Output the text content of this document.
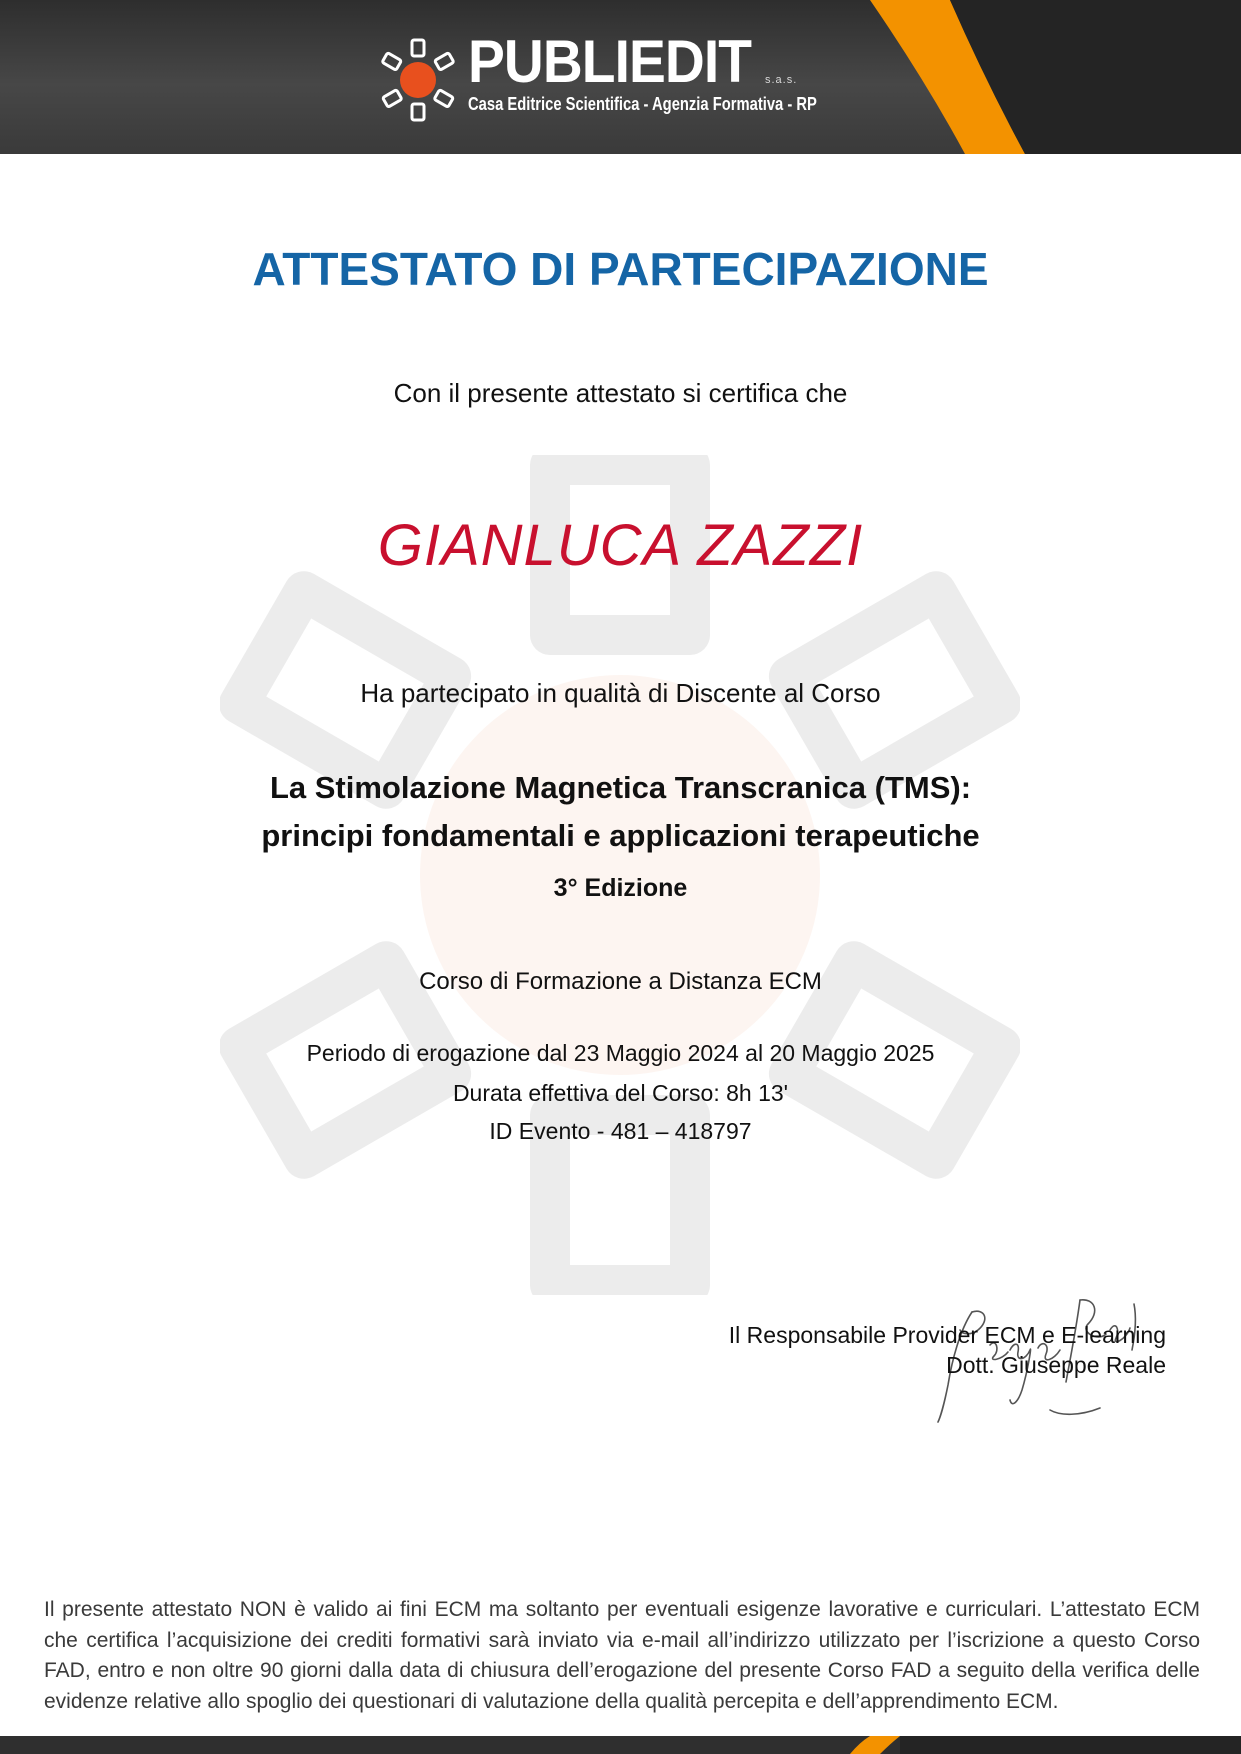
PUBLIEDIT s.a.s.
Casa Editrice Scientifica - Agenzia Formativa - RP
ATTESTATO DI PARTECIPAZIONE
Con il presente attestato si certifica che
GIANLUCA ZAZZI
Ha partecipato in qualità di Discente al Corso
La Stimolazione Magnetica Transcranica (TMS):
principi fondamentali e applicazioni terapeutiche
3° Edizione
Corso di Formazione a Distanza ECM
Periodo di erogazione dal 23 Maggio 2024 al 20 Maggio 2025
Durata effettiva del Corso: 8h 13'
ID Evento - 481 – 418797
Il Responsabile Provider ECM e E-learning
Dott. Giuseppe Reale
Il presente attestato NON è valido ai fini ECM ma soltanto per eventuali esigenze lavorative e curriculari. L’attestato ECM che certifica l’acquisizione dei crediti formativi sarà inviato via e-mail all’indirizzo utilizzato per l’iscrizione a questo Corso FAD, entro e non oltre 90 giorni dalla data di chiusura dell’erogazione del presente Corso FAD a seguito della verifica delle evidenze relative allo spoglio dei questionari di valutazione della qualità percepita e dell’apprendimento ECM.
